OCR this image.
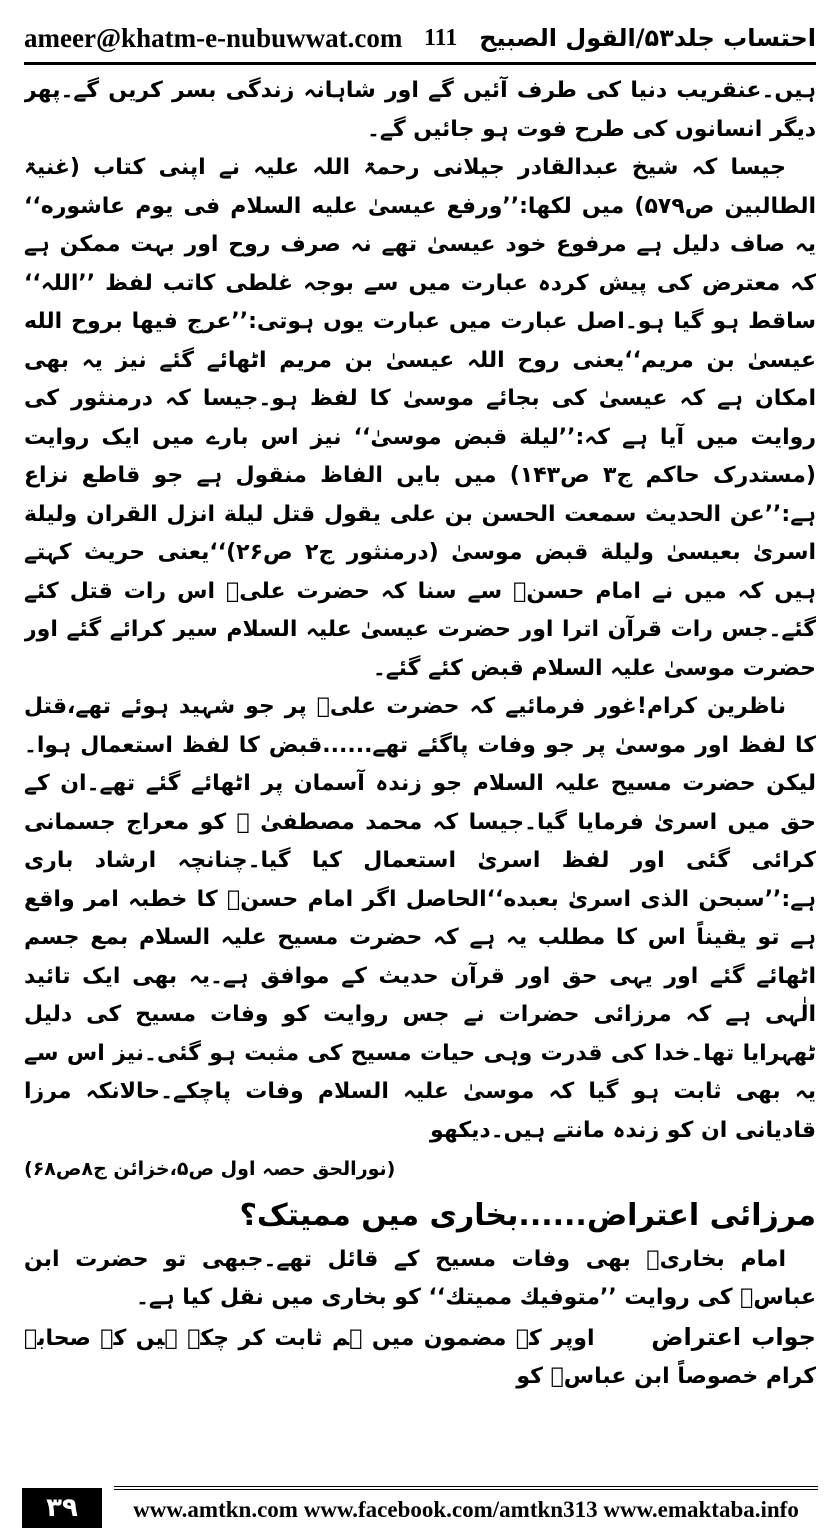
ameer@khatm-e-nubuwwat.com 111 احتساب جلد۵۳/القول الصبیح

ہیں۔عنقریب دنیا کی طرف آئیں گے اور شاہانہ زندگی بسر کریں گے۔پھر دیگر انسانوں کی طرح فوت ہو جائیں گے۔

جیسا کہ شیخ عبدالقادر جیلانی رحمۃ اللہ علیہ نے اپنی کتاب (غنیۃ الطالبین ص۵۷۹) میں لکھا:’’ورفع عیسیٰ علیه السلام فی یوم عاشوره‘‘ یہ صاف دلیل ہے مرفوع خود عیسیٰ تھے نہ صرف روح اور بہت ممکن ہے کہ معترض کی پیش کردہ عبارت میں سے بوجہ غلطی کاتب لفظ ’’اللہ‘‘ ساقط ہو گیا ہو۔اصل عبارت میں عبارت یوں ہوتی:’’عرج فیها بروح الله عیسیٰ بن مریم‘‘یعنی روح اللہ عیسیٰ بن مریم اٹھائے گئے نیز یہ بھی امکان ہے کہ عیسیٰ کی بجائے موسیٰ کا لفظ ہو۔جیسا کہ درمنثور کی روایت میں آیا ہے کہ:’’لیلة قبض موسیٰ‘‘ نیز اس بارے میں ایک روایت (مستدرک حاکم ج۳ ص۱۴۳) میں بایں الفاظ منقول ہے جو قاطع نزاع ہے:’’عن الحدیث سمعت الحسن بن علی یقول قتل لیلة انزل القران ولیلة اسریٰ بعیسیٰ ولیلة قبض موسیٰ (درمنثور ج۲ ص۲۶)‘‘یعنی حریث کہتے ہیں کہ میں نے امام حسنؓ سے سنا کہ حضرت علیؓ اس رات قتل کئے گئے۔جس رات قرآن اترا اور حضرت عیسیٰ علیہ السلام سیر کرائے گئے اور حضرت موسیٰ علیہ السلام قبض کئے گئے۔

ناظرین کرام!غور فرمائیے کہ حضرت علیؓ پر جو شہید ہوئے تھے،قتل کا لفظ اور موسیٰ پر جو وفات پاگئے تھے......قبض کا لفظ استعمال ہوا۔لیکن حضرت مسیح علیہ السلام جو زندہ آسمان پر اٹھائے گئے تھے۔ان کے حق میں اسریٰ فرمایا گیا۔جیسا کہ محمد مصطفیٰ ﷺ کو معراج جسمانی کرائی گئی اور لفظ اسریٰ استعمال کیا گیا۔چنانچہ ارشاد باری ہے:’’سبحن الذی اسریٰ بعبده‘‘الحاصل اگر امام حسنؓ کا خطبہ امر واقع ہے تو یقیناً اس کا مطلب یہ ہے کہ حضرت مسیح علیہ السلام بمع جسم اٹھائے گئے اور یہی حق اور قرآن حدیث کے موافق ہے۔یہ بھی ایک تائید الٰہی ہے کہ مرزائی حضرات نے جس روایت کو وفات مسیح کی دلیل ٹھہرایا تھا۔خدا کی قدرت وہی حیات مسیح کی مثبت ہو گئی۔نیز اس سے یہ بھی ثابت ہو گیا کہ موسیٰ علیہ السلام وفات پاچکے۔حالانکہ مرزا قادیانی ان کو زندہ مانتے ہیں۔دیکھو

(نورالحق حصہ اول ص۵،خزائن ج۸ص۶۸)

مرزائی اعتراض......بخاری میں ممیتک؟

امام بخاریؒ بھی وفات مسیح کے قائل تھے۔جبھی تو حضرت ابن عباسؓ کی روایت ’’متوفیك ممیتك‘‘ کو بخاری میں نقل کیا ہے۔

جواب اعتراض      اوپر کے مضمون میں ہم ثابت کر چکے ہیں کہ صحابہ کرام خصوصاً ابن عباسؓ کو

۳۹	www.amtkn.com www.facebook.com/amtkn313 www.emaktaba.info
